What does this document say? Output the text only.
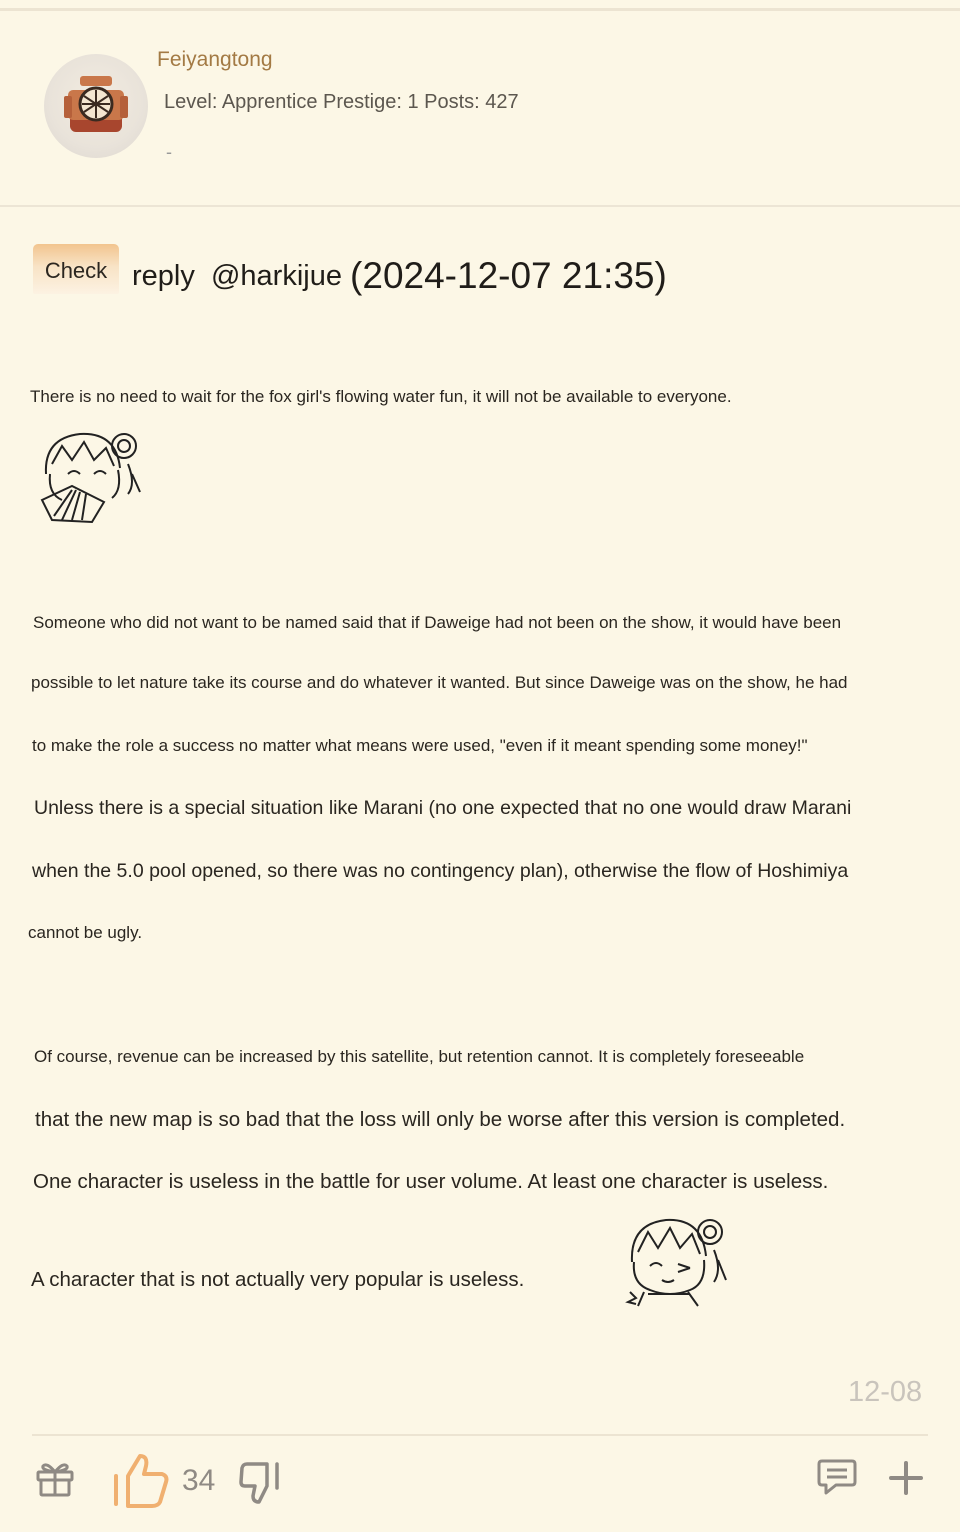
Feiyangtong
Level: Apprentice Prestige: 1 Posts: 427
-
Check reply @harkijue (2024-12-07 21:35)
There is no need to wait for the fox girl's flowing water fun, it will not be available to everyone.
Someone who did not want to be named said that if Daweige had not been on the show, it would have been
possible to let nature take its course and do whatever it wanted. But since Daweige was on the show, he had
to make the role a success no matter what means were used, "even if it meant spending some money!"
Unless there is a special situation like Marani (no one expected that no one would draw Marani
when the 5.0 pool opened, so there was no contingency plan), otherwise the flow of Hoshimiya
cannot be ugly.
Of course, revenue can be increased by this satellite, but retention cannot. It is completely foreseeable
that the new map is so bad that the loss will only be worse after this version is completed.
One character is useless in the battle for user volume. At least one character is useless.
A character that is not actually very popular is useless.
12-08
34
